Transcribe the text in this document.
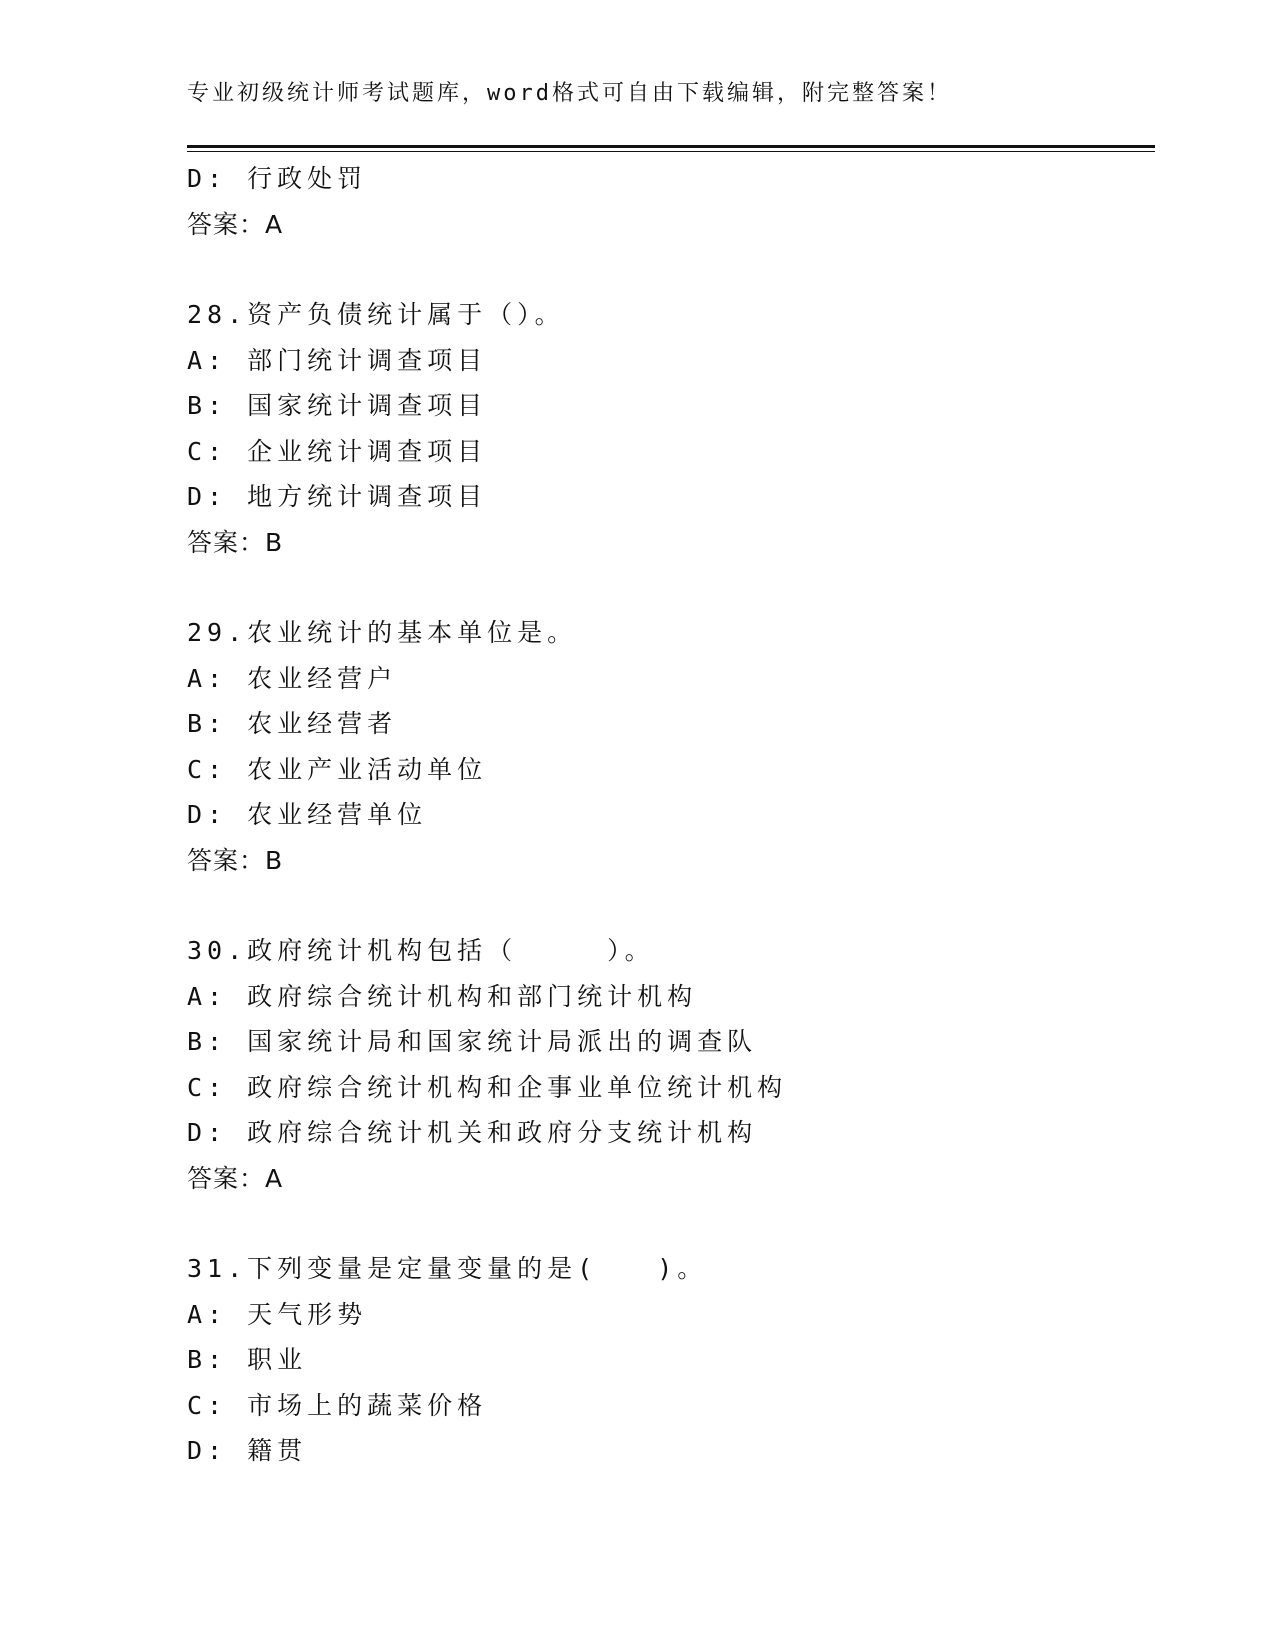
专业初级统计师考试题库，word格式可自由下载编辑，附完整答案！
D: 行政处罚
答案：A
28.资产负债统计属于（）。
A: 部门统计调查项目
B: 国家统计调查项目
C: 企业统计调查项目
D: 地方统计调查项目
答案：B
29.农业统计的基本单位是。
A: 农业经营户
B: 农业经营者
C: 农业产业活动单位
D: 农业经营单位
答案：B
30.政府统计机构包括（　　　）。
A: 政府综合统计机构和部门统计机构
B: 国家统计局和国家统计局派出的调查队
C: 政府综合统计机构和企事业单位统计机构
D: 政府综合统计机关和政府分支统计机构
答案：A
31.下列变量是定量变量的是(　　)。
A: 天气形势
B: 职业
C: 市场上的蔬菜价格
D: 籍贯
